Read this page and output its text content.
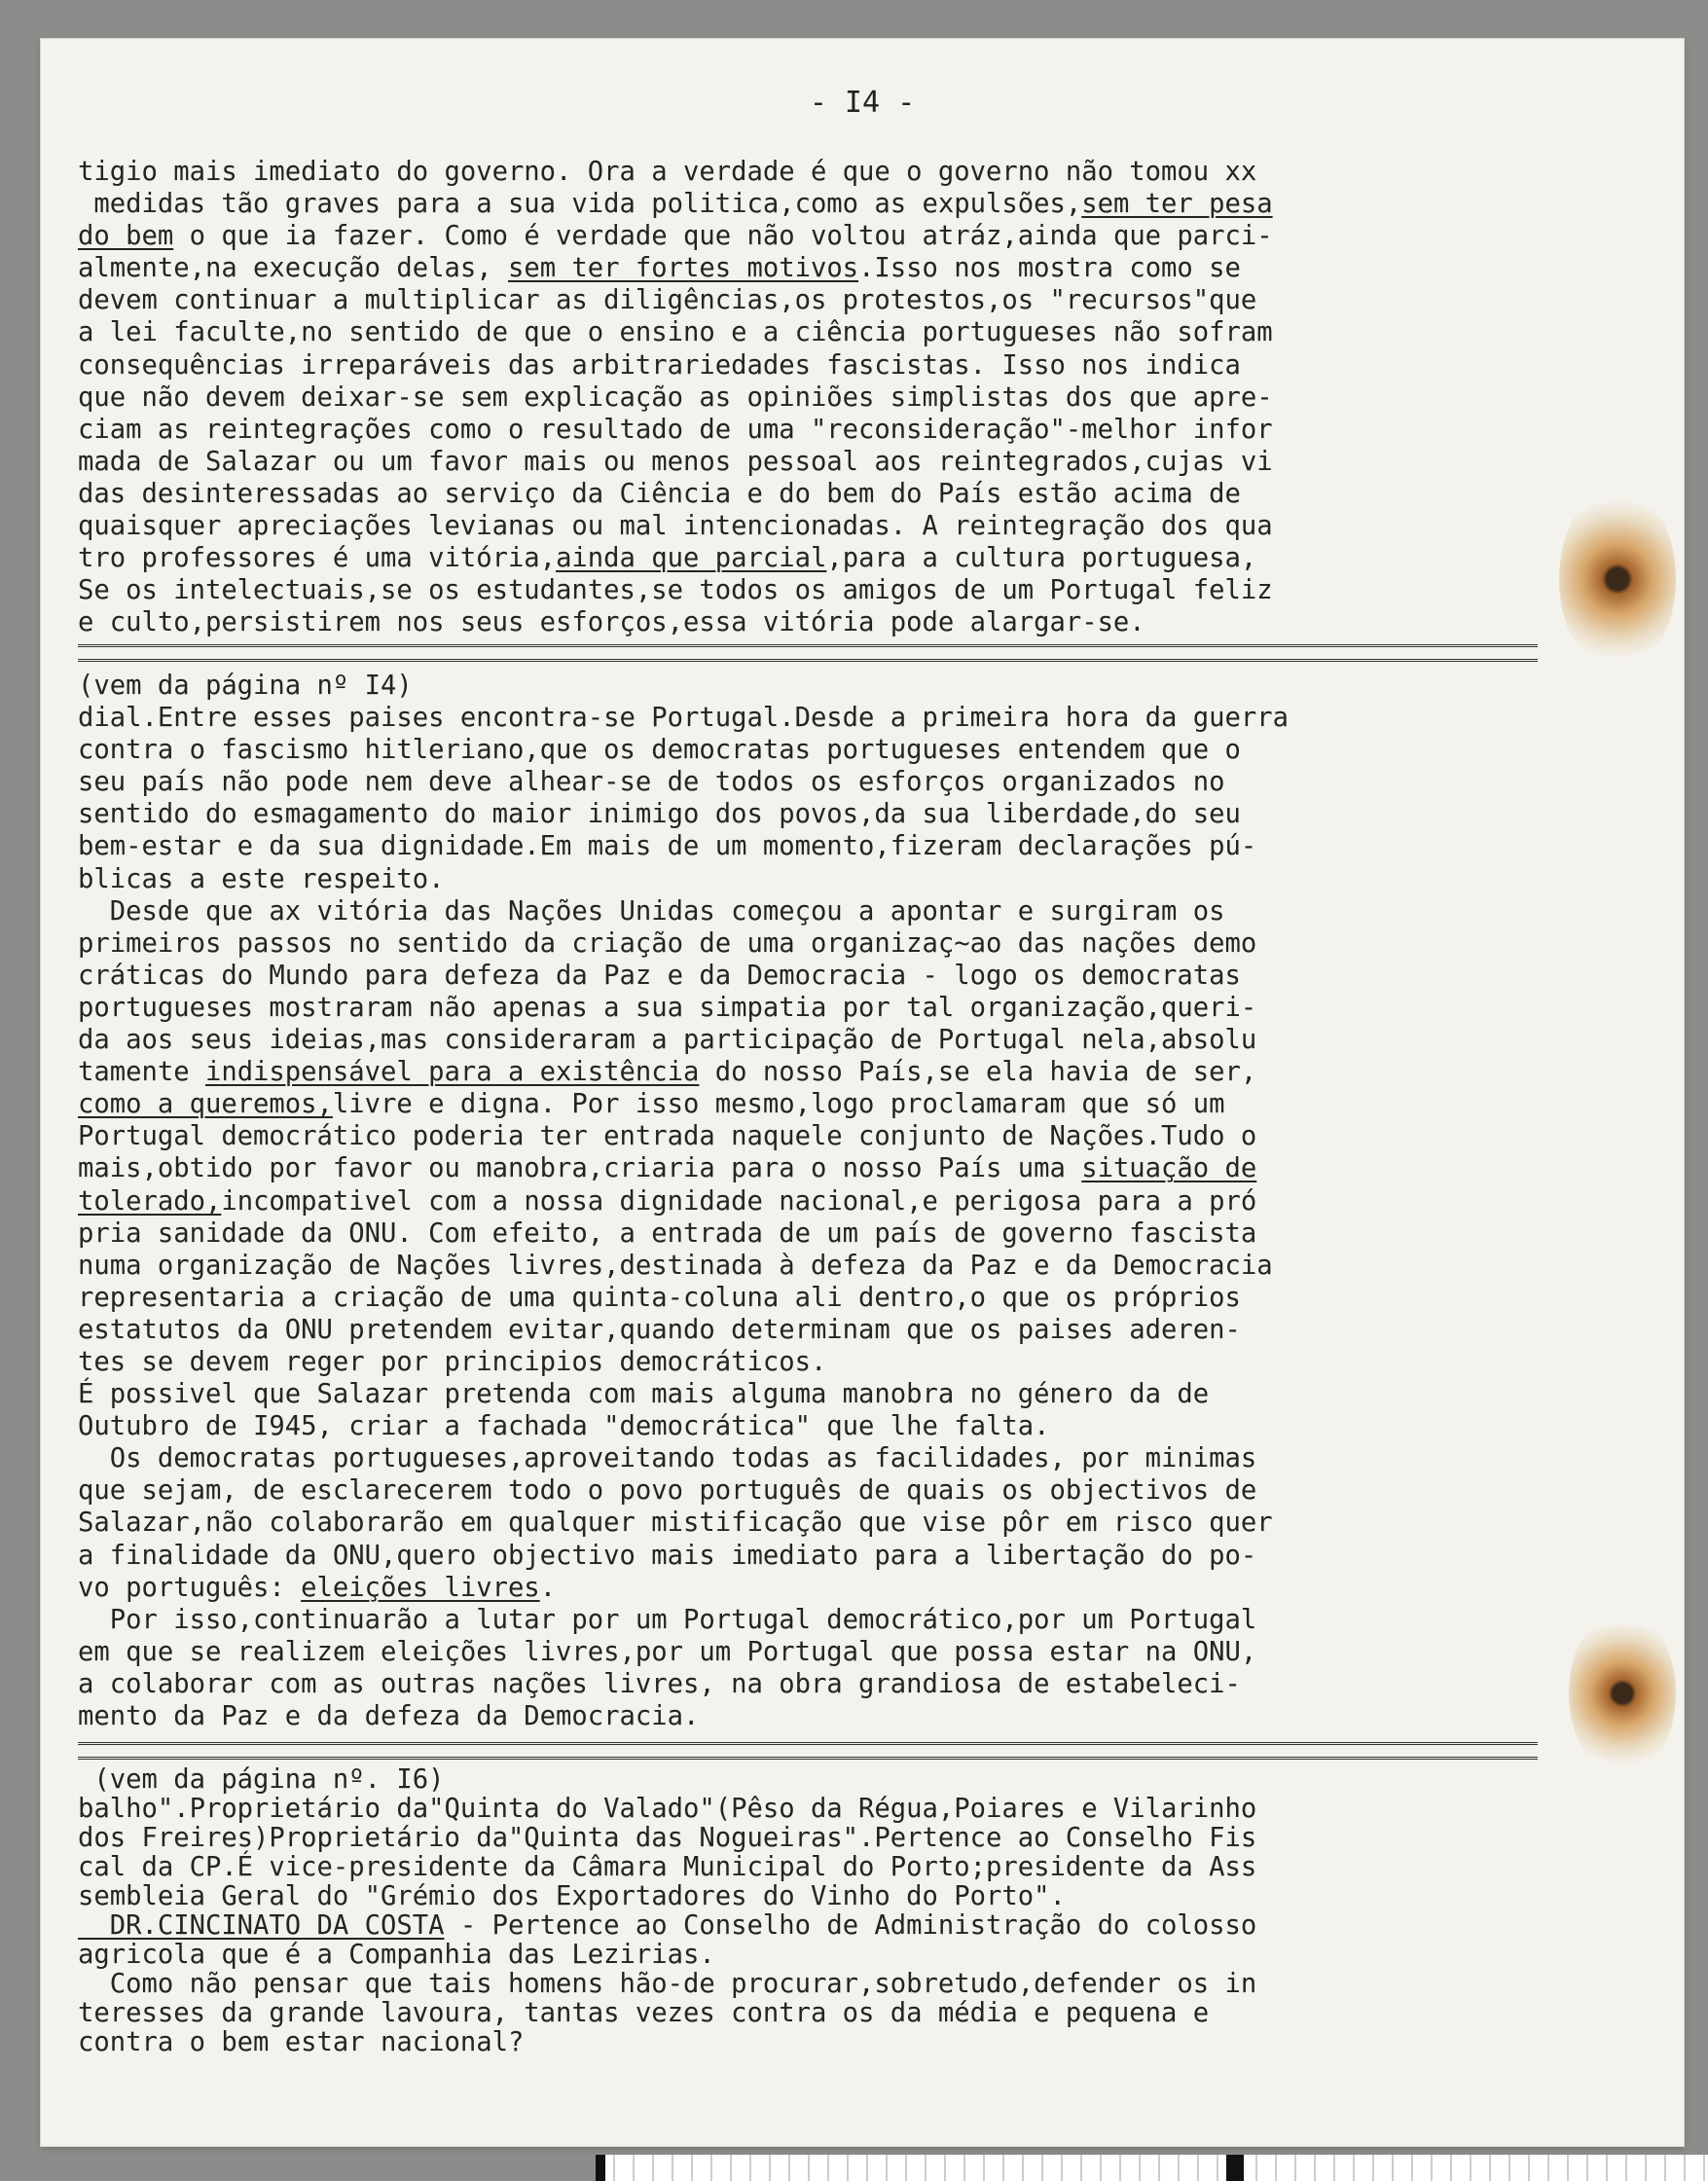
- I4 -
tigio mais imediato do governo. Ora a verdade é que o governo não tomou xx
medidas tão graves para a sua vida politica,como as expulsões,sem ter pesa
do bem o que ia fazer. Como é verdade que não voltou atráz,ainda que parci-
almente,na execução delas, sem ter fortes motivos.Isso nos mostra como se
devem continuar a multiplicar as diligências,os protestos,os "recursos"que
a lei faculte,no sentido de que o ensino e a ciência portugueses não sofram
consequências irreparáveis das arbitrariedades fascistas. Isso nos indica
que não devem deixar-se sem explicação as opiniões simplistas dos que apre-
ciam as reintegrações como o resultado de uma "reconsideração"-melhor infor
mada de Salazar ou um favor mais ou menos pessoal aos reintegrados,cujas vi
das desinteressadas ao serviço da Ciência e do bem do País estão acima de
quaisquer apreciações levianas ou mal intencionadas. A reintegração dos qua
tro professores é uma vitória,ainda que parcial,para a cultura portuguesa,
Se os intelectuais,se os estudantes,se todos os amigos de um Portugal feliz
e culto,persistirem nos seus esforços,essa vitória pode alargar-se.
(vem da página nº I4)
dial.Entre esses paises encontra-se Portugal.Desde a primeira hora da guerra
contra o fascismo hitleriano,que os democratas portugueses entendem que o
seu país não pode nem deve alhear-se de todos os esforços organizados no
sentido do esmagamento do maior inimigo dos povos,da sua liberdade,do seu
bem-estar e da sua dignidade.Em mais de um momento,fizeram declarações pú-
blicas a este respeito.
Desde que ax vitória das Nações Unidas começou a apontar e surgiram os
primeiros passos no sentido da criação de uma organizaç~ao das nações demo
cráticas do Mundo para defeza da Paz e da Democracia - logo os democratas
portugueses mostraram não apenas a sua simpatia por tal organização,queri-
da aos seus ideias,mas consideraram a participação de Portugal nela,absolu
tamente indispensável para a existência do nosso País,se ela havia de ser,
como a queremos,livre e digna. Por isso mesmo,logo proclamaram que só um
Portugal democrático poderia ter entrada naquele conjunto de Nações.Tudo o
mais,obtido por favor ou manobra,criaria para o nosso País uma situação de
tolerado,incompativel com a nossa dignidade nacional,e perigosa para a pró
pria sanidade da ONU. Com efeito, a entrada de um país de governo fascista
numa organização de Nações livres,destinada à defeza da Paz e da Democracia
representaria a criação de uma quinta-coluna ali dentro,o que os próprios
estatutos da ONU pretendem evitar,quando determinam que os paises aderen-
tes se devem reger por principios democráticos.
É possivel que Salazar pretenda com mais alguma manobra no género da de
Outubro de I945, criar a fachada "democrática" que lhe falta.
Os democratas portugueses,aproveitando todas as facilidades, por minimas
que sejam, de esclarecerem todo o povo português de quais os objectivos de
Salazar,não colaborarão em qualquer mistificação que vise pôr em risco quer
a finalidade da ONU,quero objectivo mais imediato para a libertação do po-
vo português: eleições livres.
Por isso,continuarão a lutar por um Portugal democrático,por um Portugal
em que se realizem eleições livres,por um Portugal que possa estar na ONU,
a colaborar com as outras nações livres, na obra grandiosa de estabeleci-
mento da Paz e da defeza da Democracia.
(vem da página nº. I6)
balho".Proprietário da"Quinta do Valado"(Pêso da Régua,Poiares e Vilarinho
dos Freires)Proprietário da"Quinta das Nogueiras".Pertence ao Conselho Fis
cal da CP.É vice-presidente da Câmara Municipal do Porto;presidente da Ass
sembleia Geral do "Grémio dos Exportadores do Vinho do Porto".
DR.CINCINATO DA COSTA - Pertence ao Conselho de Administração do colosso
agricola que é a Companhia das Lezirias.
Como não pensar que tais homens hão-de procurar,sobretudo,defender os in
teresses da grande lavoura, tantas vezes contra os da média e pequena e
contra o bem estar nacional?
